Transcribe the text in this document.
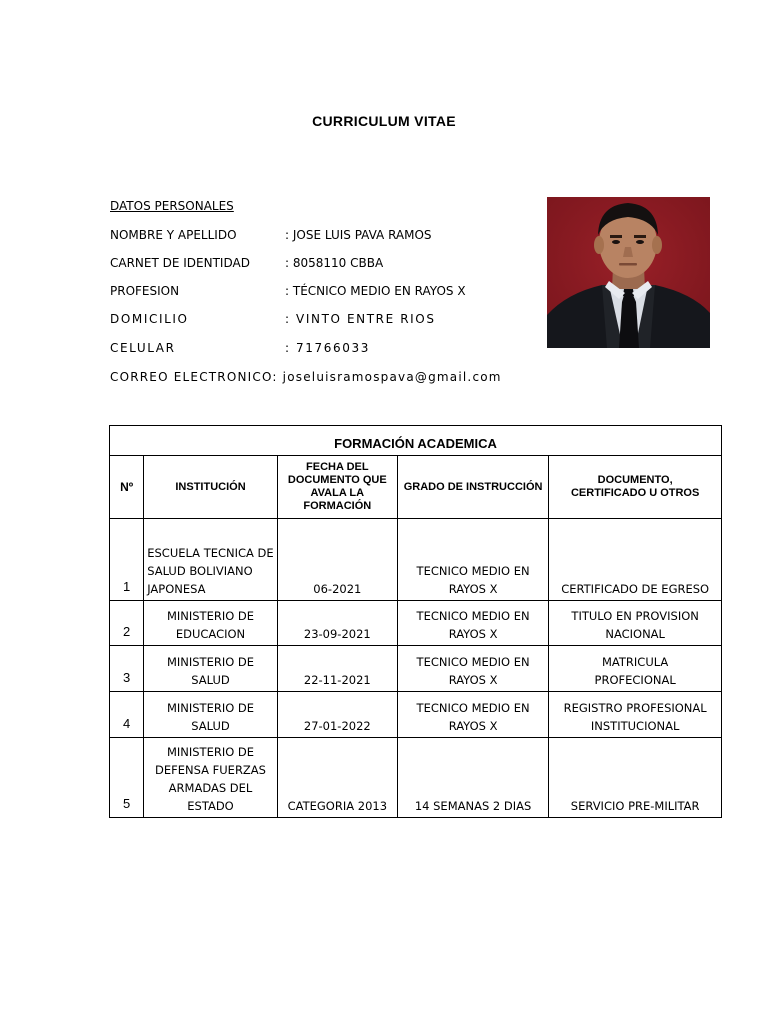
CURRICULUM VITAE
DATOS PERSONALES
NOMBRE Y APELLIDO	: JOSE LUIS PAVA RAMOS
CARNET DE IDENTIDAD	: 8058110 CBBA
PROFESION	: TÉCNICO MEDIO EN RAYOS X
DOMICILIO	: VINTO ENTRE RIOS
CELULAR	: 71766033
CORREO ELECTRONICO: joseluisramospava@gmail.com
FORMACIÓN ACADEMICA				
Nº	INSTITUCIÓN	FECHA DEL DOCUMENTO QUE AVALA LA FORMACIÓN	GRADO DE INSTRUCCIÓN	DOCUMENTO, CERTIFICADO U OTROS
1	ESCUELA TECNICA DE SALUD BOLIVIANO JAPONESA	06-2021	TECNICO MEDIO EN RAYOS X	CERTIFICADO DE EGRESO
2	MINISTERIO DE EDUCACION	23-09-2021	TECNICO MEDIO EN RAYOS X	TITULO EN PROVISION NACIONAL
3	MINISTERIO DE SALUD	22-11-2021	TECNICO MEDIO EN RAYOS X	MATRICULA PROFECIONAL
4	MINISTERIO DE SALUD	27-01-2022	TECNICO MEDIO EN RAYOS X	REGISTRO PROFESIONAL INSTITUCIONAL
5	MINISTERIO DE DEFENSA FUERZAS ARMADAS DEL ESTADO	CATEGORIA 2013	14 SEMANAS 2 DIAS	SERVICIO PRE-MILITAR
